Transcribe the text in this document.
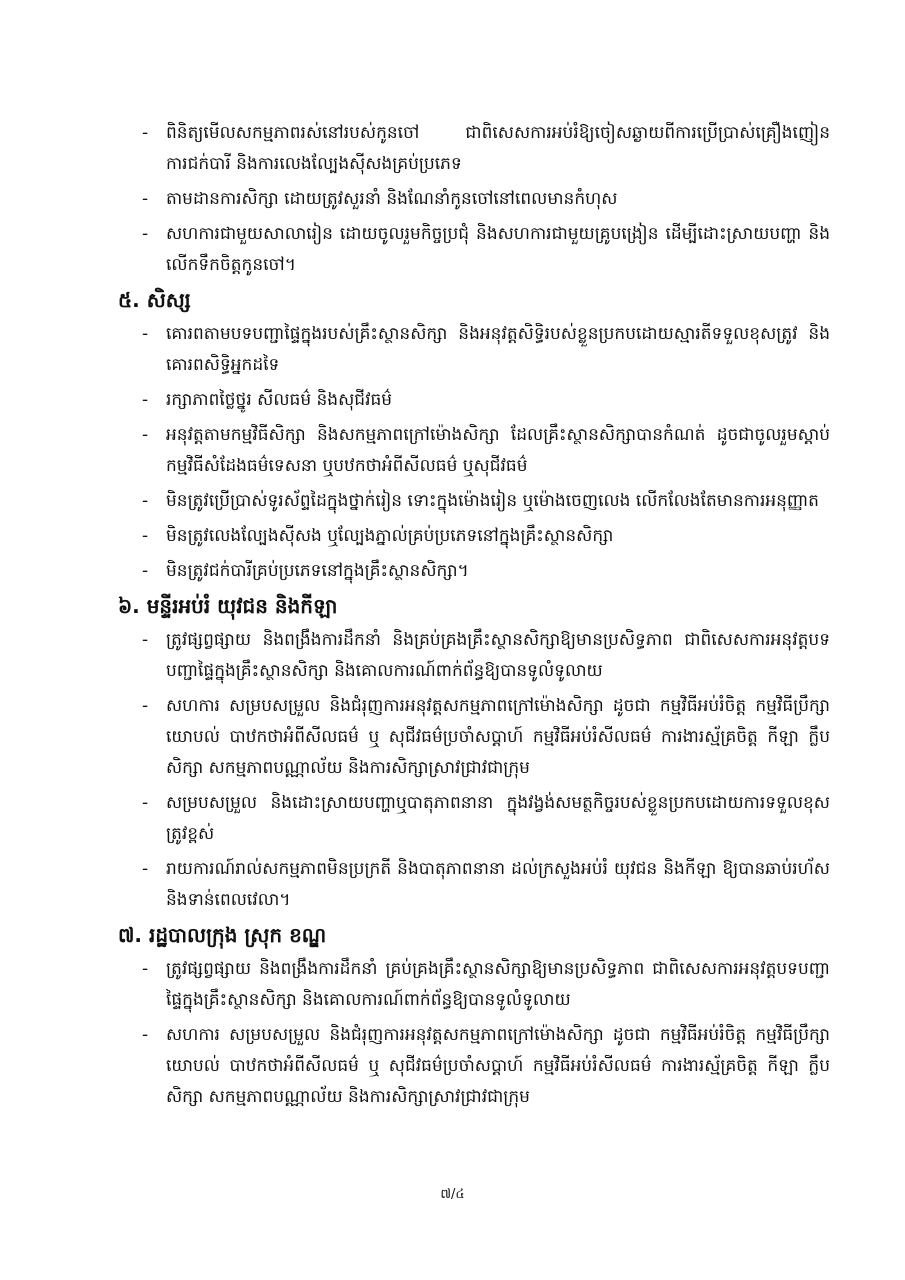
- ពិនិត្យមើលសកម្មភាពរស់នៅរបស់កូនចៅ ជាពិសេសការអប់រំឱ្យចៀសឆ្ងាយពីការប្រើប្រាស់គ្រឿងញៀន ការជក់បារី និងការលេងល្បែងស៊ីសងគ្រប់ប្រភេទ
- តាមដានការសិក្សា ដោយត្រូវសួរនាំ និងណែនាំកូនចៅនៅពេលមានកំហុស
- សហការជាមួយសាលារៀន ដោយចូលរួមកិច្ចប្រជុំ និងសហការជាមួយគ្រូបង្រៀន ដើម្បីដោះស្រាយបញ្ហា និងលើកទឹកចិត្តកូនចៅ។
៥. សិស្ស
- គោរពតាមបទបញ្ជាផ្ទៃក្នុងរបស់គ្រឹះស្ថានសិក្សា និងអនុវត្តសិទ្ធិរបស់ខ្លួនប្រកបដោយស្មារតីទទួលខុសត្រូវ និងគោរពសិទ្ធិអ្នកដទៃ
- រក្សាភាពថ្លៃថ្នូរ សីលធម៌ និងសុជីវធម៌
- អនុវត្តតាមកម្មវិធីសិក្សា និងសកម្មភាពក្រៅម៉ោងសិក្សា ដែលគ្រឹះស្ថានសិក្សាបានកំណត់ ដូចជាចូលរួមស្តាប់កម្មវិធីសំដែងធម៌ទេសនា ឬបឋកថាអំពីសីលធម៌ ឬសុជីវធម៌
- មិនត្រូវប្រើប្រាស់ទូរស័ព្ទដៃក្នុងថ្នាក់រៀន ទោះក្នុងម៉ោងរៀន ឬម៉ោងចេញលេង លើកលែងតែមានការអនុញ្ញាត
- មិនត្រូវលេងល្បែងស៊ីសង ឬល្បែងភ្នាល់គ្រប់ប្រភេទនៅក្នុងគ្រឹះស្ថានសិក្សា
- មិនត្រូវជក់បារីគ្រប់ប្រភេទនៅក្នុងគ្រឹះស្ថានសិក្សា។
៦. មន្ទីរអប់រំ យុវជន និងកីឡា
- ត្រូវផ្សព្វផ្សាយ និងពង្រឹងការដឹកនាំ និងគ្រប់គ្រងគ្រឹះស្ថានសិក្សាឱ្យមានប្រសិទ្ធភាព ជាពិសេសការអនុវត្តបទបញ្ជាផ្ទៃក្នុងគ្រឹះស្ថានសិក្សា និងគោលការណ៍ពាក់ព័ន្ធឱ្យបានទូលំទូលាយ
- សហការ សម្របសម្រួល និងជំរុញការអនុវត្តសកម្មភាពក្រៅម៉ោងសិក្សា ដូចជា កម្មវិធីអប់រំចិត្ត កម្មវិធីប្រឹក្សាយោបល់ បាឋកថាអំពីសីលធម៌ ឬ សុជីវធម៌ប្រចាំសប្តាហ៍ កម្មវិធីអប់រំសីលធម៌ ការងារស្ម័គ្រចិត្ត កីឡា ក្លឹបសិក្សា សកម្មភាពបណ្ណាល័យ និងការសិក្សាស្រាវជ្រាវជាក្រុម
- សម្របសម្រួល និងដោះស្រាយបញ្ហាឬបាតុភាពនានា ក្នុងវង្វង់សមត្ថកិច្ចរបស់ខ្លួនប្រកបដោយការទទួលខុសត្រូវខ្ពស់
- រាយការណ៍រាល់សកម្មភាពមិនប្រក្រតី និងបាតុភាពនានា ដល់ក្រសួងអប់រំ យុវជន និងកីឡា ឱ្យបានឆាប់រហ័ស និងទាន់ពេលវេលា។
៧. រដ្ឋបាលក្រុង ស្រុក ខណ្ឌ
- ត្រូវផ្សព្វផ្សាយ និងពង្រឹងការដឹកនាំ គ្រប់គ្រងគ្រឹះស្ថានសិក្សាឱ្យមានប្រសិទ្ធភាព ជាពិសេសការអនុវត្តបទបញ្ជាផ្ទៃក្នុងគ្រឹះស្ថានសិក្សា និងគោលការណ៍ពាក់ព័ន្ធឱ្យបានទូលំទូលាយ
- សហការ សម្របសម្រួល និងជំរុញការអនុវត្តសកម្មភាពក្រៅម៉ោងសិក្សា ដូចជា កម្មវិធីអប់រំចិត្ត កម្មវិធីប្រឹក្សាយោបល់ បាឋកថាអំពីសីលធម៌ ឬ សុជីវធម៌ប្រចាំសប្តាហ៍ កម្មវិធីអប់រំសីលធម៌ ការងារស្ម័គ្រចិត្ត កីឡា ក្លឹបសិក្សា សកម្មភាពបណ្ណាល័យ និងការសិក្សាស្រាវជ្រាវជាក្រុម
៧/៤
